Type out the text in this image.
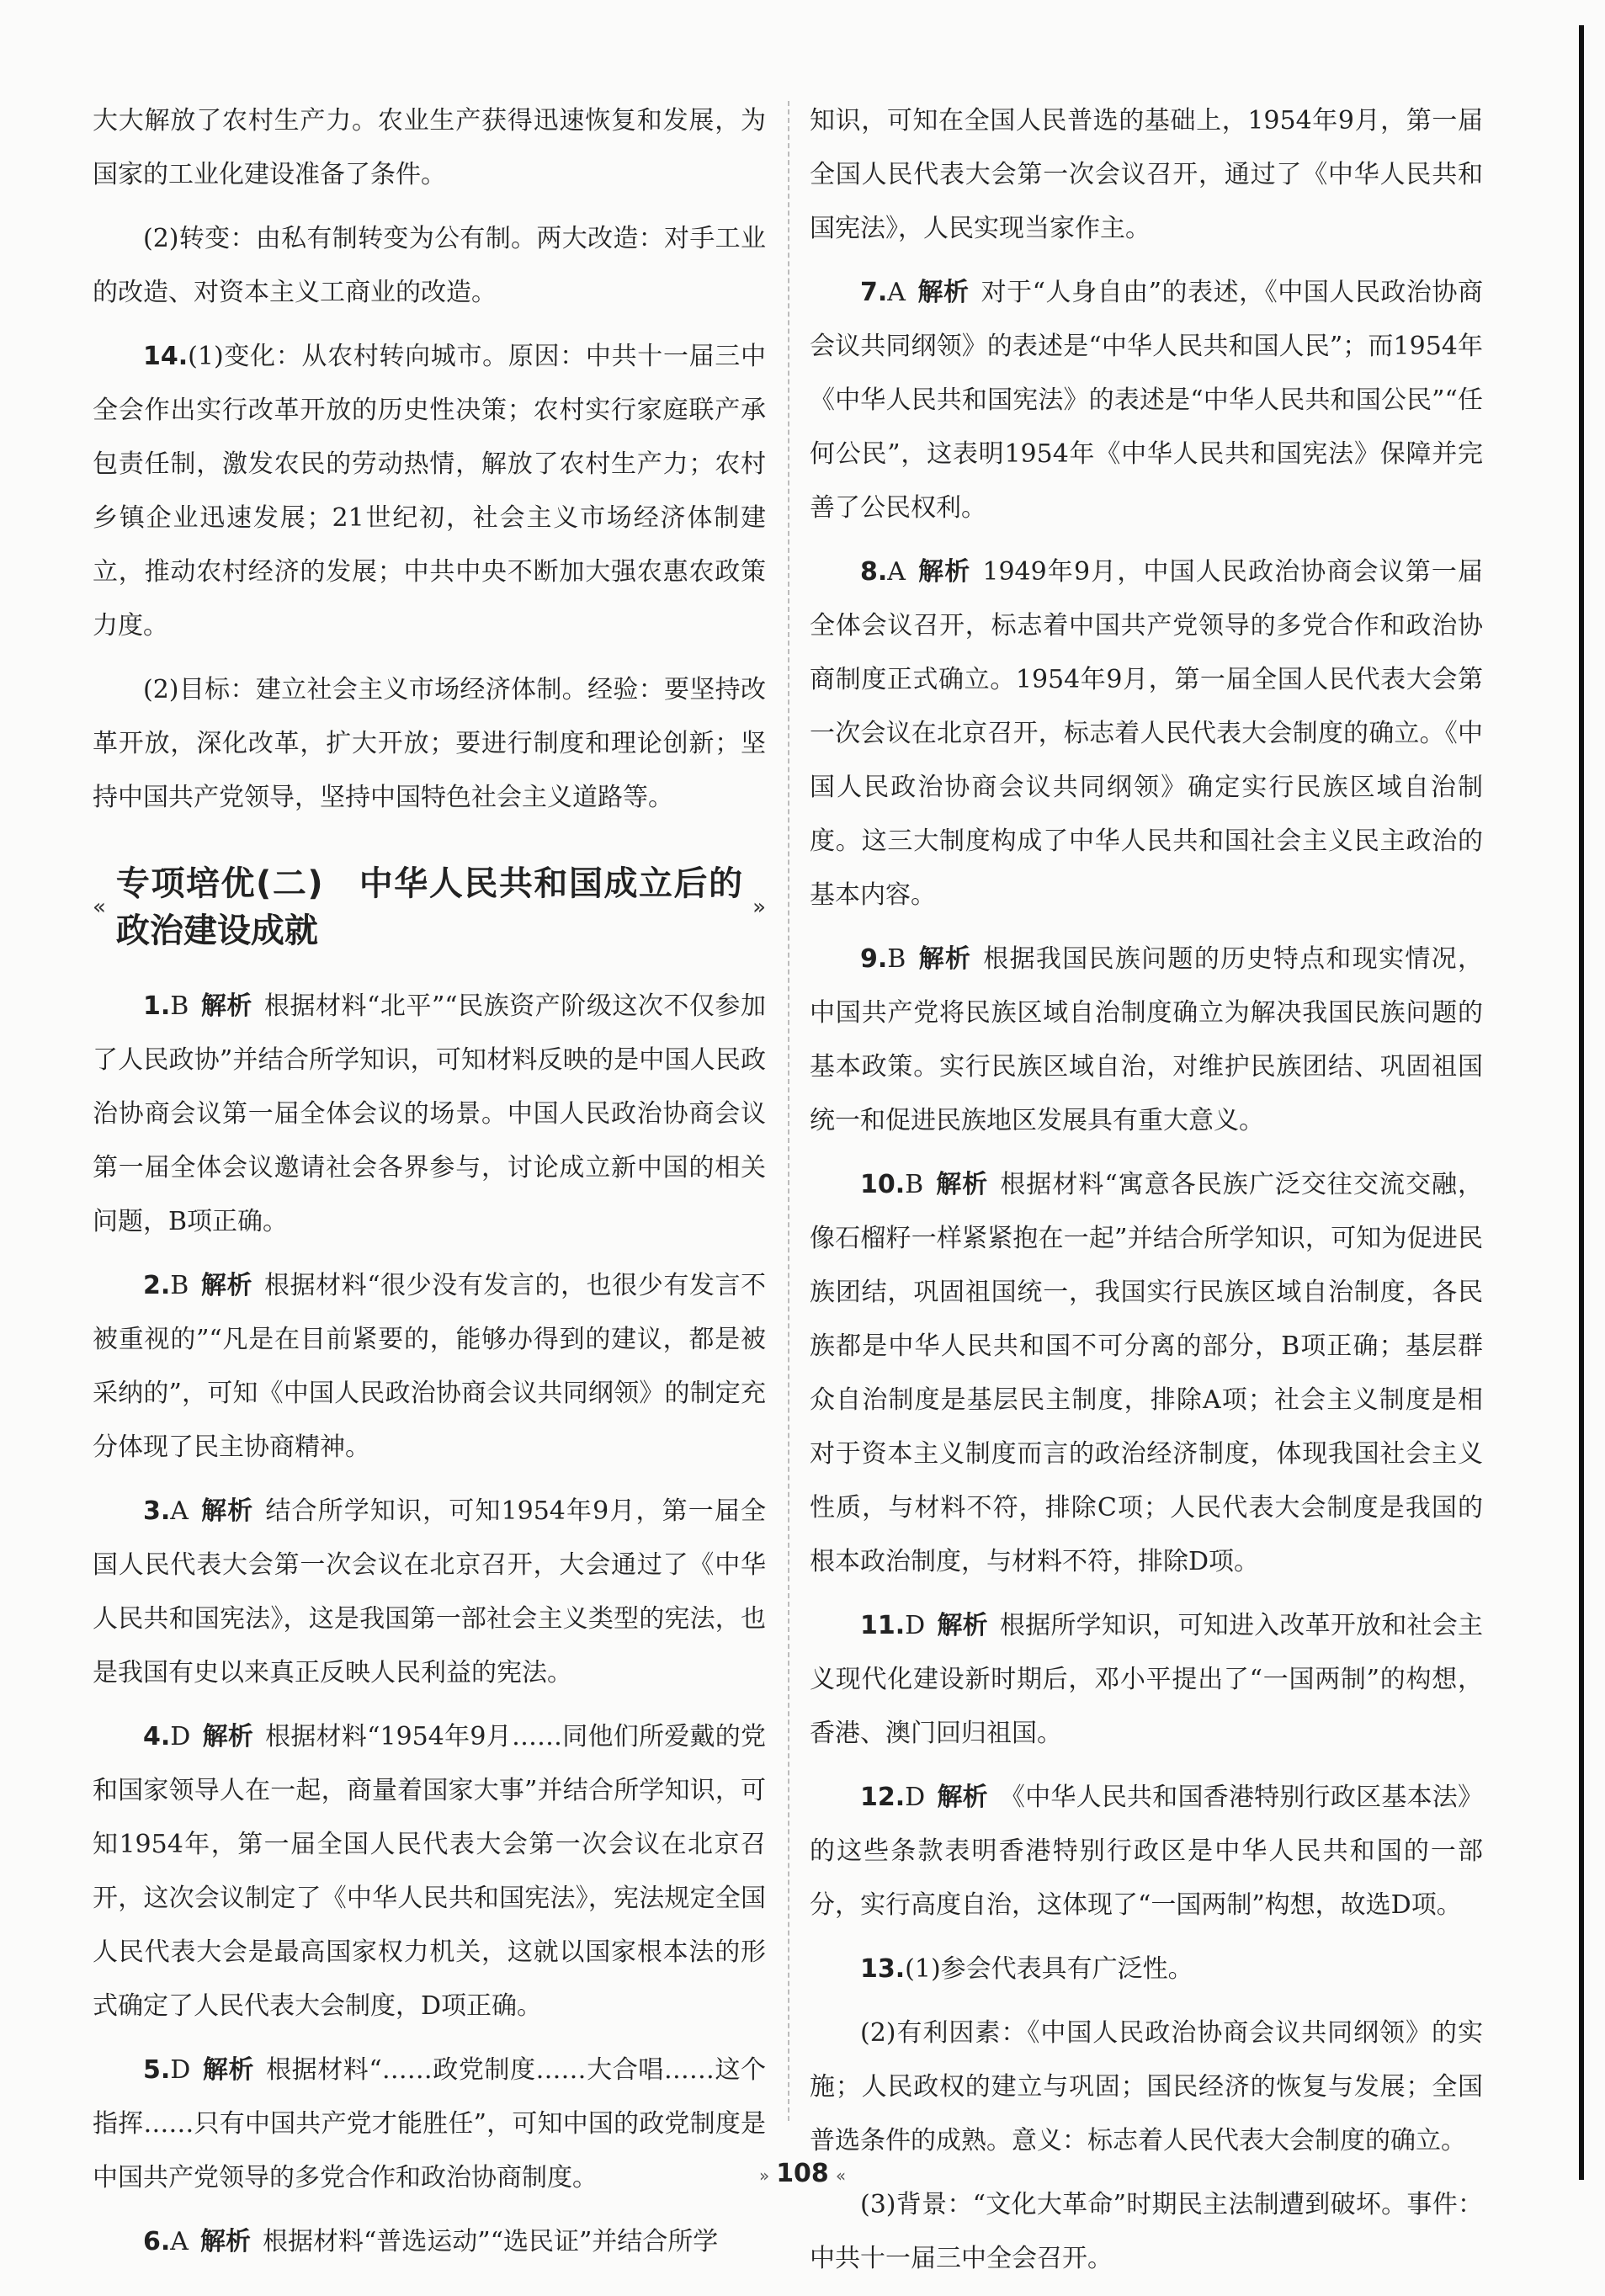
大大解放了农村生产力。农业生产获得迅速恢复和发展，为国家的工业化建设准备了条件。

(2)转变：由私有制转变为公有制。两大改造：对手工业的改造、对资本主义工商业的改造。

14.(1)变化：从农村转向城市。原因：中共十一届三中全会作出实行改革开放的历史性决策；农村实行家庭联产承包责任制，激发农民的劳动热情，解放了农村生产力；农村乡镇企业迅速发展；21世纪初，社会主义市场经济体制建立，推动农村经济的发展；中共中央不断加大强农惠农政策力度。

(2)目标：建立社会主义市场经济体制。经验：要坚持改革开放，深化改革，扩大开放；要进行制度和理论创新；坚持中国共产党领导，坚持中国特色社会主义道路等。

«
专项培优(二)　中华人民共和国成立后的政治建设成就
»

1.B 解析 根据材料“北平”“民族资产阶级这次不仅参加了人民政协”并结合所学知识，可知材料反映的是中国人民政治协商会议第一届全体会议的场景。中国人民政治协商会议第一届全体会议邀请社会各界参与，讨论成立新中国的相关问题，B项正确。

2.B 解析 根据材料“很少没有发言的，也很少有发言不被重视的”“凡是在目前紧要的，能够办得到的建议，都是被采纳的”，可知《中国人民政治协商会议共同纲领》的制定充分体现了民主协商精神。

3.A 解析 结合所学知识，可知1954年9月，第一届全国人民代表大会第一次会议在北京召开，大会通过了《中华人民共和国宪法》，这是我国第一部社会主义类型的宪法，也是我国有史以来真正反映人民利益的宪法。

4.D 解析 根据材料“1954年9月……同他们所爱戴的党和国家领导人在一起，商量着国家大事”并结合所学知识，可知1954年，第一届全国人民代表大会第一次会议在北京召开，这次会议制定了《中华人民共和国宪法》，宪法规定全国人民代表大会是最高国家权力机关，这就以国家根本法的形式确定了人民代表大会制度，D项正确。

5.D 解析 根据材料“……政党制度……大合唱……这个指挥……只有中国共产党才能胜任”，可知中国的政党制度是中国共产党领导的多党合作和政治协商制度。

6.A 解析 根据材料“普选运动”“选民证”并结合所学

知识，可知在全国人民普选的基础上，1954年9月，第一届全国人民代表大会第一次会议召开，通过了《中华人民共和国宪法》，人民实现当家作主。

7.A 解析 对于“人身自由”的表述，《中国人民政治协商会议共同纲领》的表述是“中华人民共和国人民”；而1954年《中华人民共和国宪法》的表述是“中华人民共和国公民”“任何公民”，这表明1954年《中华人民共和国宪法》保障并完善了公民权利。

8.A 解析 1949年9月，中国人民政治协商会议第一届全体会议召开，标志着中国共产党领导的多党合作和政治协商制度正式确立。1954年9月，第一届全国人民代表大会第一次会议在北京召开，标志着人民代表大会制度的确立。《中国人民政治协商会议共同纲领》确定实行民族区域自治制度。这三大制度构成了中华人民共和国社会主义民主政治的基本内容。

9.B 解析 根据我国民族问题的历史特点和现实情况，中国共产党将民族区域自治制度确立为解决我国民族问题的基本政策。实行民族区域自治，对维护民族团结、巩固祖国统一和促进民族地区发展具有重大意义。

10.B 解析 根据材料“寓意各民族广泛交往交流交融，像石榴籽一样紧紧抱在一起”并结合所学知识，可知为促进民族团结，巩固祖国统一，我国实行民族区域自治制度，各民族都是中华人民共和国不可分离的部分，B项正确；基层群众自治制度是基层民主制度，排除A项；社会主义制度是相对于资本主义制度而言的政治经济制度，体现我国社会主义性质，与材料不符，排除C项；人民代表大会制度是我国的根本政治制度，与材料不符，排除D项。

11.D 解析 根据所学知识，可知进入改革开放和社会主义现代化建设新时期后，邓小平提出了“一国两制”的构想，香港、澳门回归祖国。

12.D 解析 《中华人民共和国香港特别行政区基本法》的这些条款表明香港特别行政区是中华人民共和国的一部分，实行高度自治，这体现了“一国两制”构想，故选D项。

13.(1)参会代表具有广泛性。

(2)有利因素：《中国人民政治协商会议共同纲领》的实施；人民政权的建立与巩固；国民经济的恢复与发展；全国普选条件的成熟。意义：标志着人民代表大会制度的确立。

(3)背景：“文化大革命”时期民主法制遭到破坏。事件：中共十一届三中全会召开。

» 108 «
